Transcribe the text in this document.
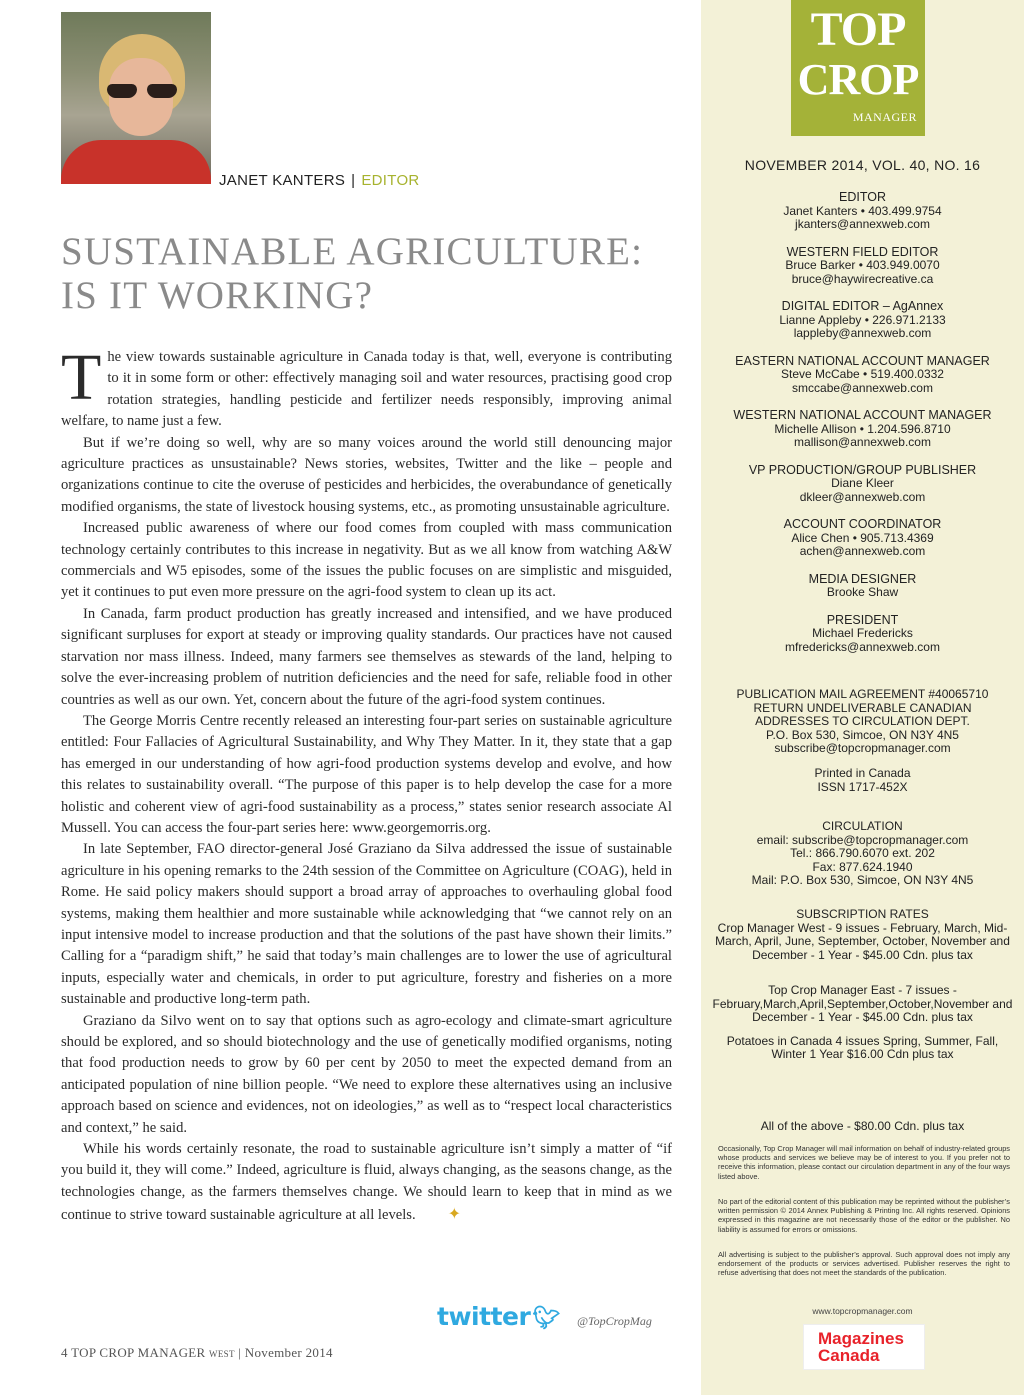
JANET KANTERS | EDITOR
SUSTAINABLE AGRICULTURE:
IS IT WORKING?

The view towards sustainable agriculture in Canada today is that, well, everyone is contributing to it in some form or other: effectively managing soil and water resources, practising good crop rotation strategies, handling pesticide and fertilizer needs responsibly, improving animal welfare, to name just a few.

But if we’re doing so well, why are so many voices around the world still denouncing major agriculture practices as unsustainable? News stories, websites, Twitter and the like – people and organizations continue to cite the overuse of pesticides and herbicides, the overabundance of genetically modified organisms, the state of livestock housing systems, etc., as promoting unsustainable agriculture.

Increased public awareness of where our food comes from coupled with mass communication technology certainly contributes to this increase in negativity. But as we all know from watching A&W commercials and W5 episodes, some of the issues the public focuses on are simplistic and misguided, yet it continues to put even more pressure on the agri-food system to clean up its act.

In Canada, farm product production has greatly increased and intensified, and we have produced significant surpluses for export at steady or improving quality standards. Our practices have not caused starvation nor mass illness. Indeed, many farmers see themselves as stewards of the land, helping to solve the ever-increasing problem of nutrition deficiencies and the need for safe, reliable food in other countries as well as our own. Yet, concern about the future of the agri-food system continues.

The George Morris Centre recently released an interesting four-part series on sustainable agriculture entitled: Four Fallacies of Agricultural Sustainability, and Why They Matter. In it, they state that a gap has emerged in our understanding of how agri-food production systems develop and evolve, and how this relates to sustainability overall. “The purpose of this paper is to help develop the case for a more holistic and coherent view of agri-food sustainability as a process,” states senior research associate Al Mussell. You can access the four-part series here: www.georgemorris.org.

In late September, FAO director-general José Graziano da Silva addressed the issue of sustainable agriculture in his opening remarks to the 24th session of the Committee on Agriculture (COAG), held in Rome. He said policy makers should support a broad array of approaches to overhauling global food systems, making them healthier and more sustainable while acknowledging that “we cannot rely on an input intensive model to increase production and that the solutions of the past have shown their limits.” Calling for a “paradigm shift,” he said that today’s main challenges are to lower the use of agricultural inputs, especially water and chemicals, in order to put agriculture, forestry and fisheries on a more sustainable and productive long-term path.

Graziano da Silvo went on to say that options such as agro-ecology and climate-smart agriculture should be explored, and so should biotechnology and the use of genetically modified organisms, noting that food production needs to grow by 60 per cent by 2050 to meet the expected demand from an anticipated population of nine billion people. “We need to explore these alternatives using an inclusive approach based on science and evidences, not on ideologies,” as well as to “respect local characteristics and context,” he said.

While his words certainly resonate, the road to sustainable agriculture isn’t simply a matter of “if you build it, they will come.” Indeed, agriculture is fluid, always changing, as the seasons change, as the technologies change, as the farmers themselves change. We should learn to keep that in mind as we continue to strive toward sustainable agriculture at all levels. ✦

twitter🐦︎ @TopCropMag
4 TOP CROP MANAGER WEST | November 2014
TOP
CROP
MANAGER
NOVEMBER 2014, VOL. 40, NO. 16
EDITOR
Janet Kanters • 403.499.9754
jkanters@annexweb.com
WESTERN FIELD EDITOR
Bruce Barker • 403.949.0070
bruce@haywirecreative.ca
DIGITAL EDITOR – AgAnnex
Lianne Appleby • 226.971.2133
lappleby@annexweb.com
EASTERN NATIONAL ACCOUNT MANAGER
Steve McCabe • 519.400.0332
smccabe@annexweb.com
WESTERN NATIONAL ACCOUNT MANAGER
Michelle Allison • 1.204.596.8710
mallison@annexweb.com
VP PRODUCTION/GROUP PUBLISHER
Diane Kleer
dkleer@annexweb.com
ACCOUNT COORDINATOR
Alice Chen • 905.713.4369
achen@annexweb.com
MEDIA DESIGNER
Brooke Shaw
PRESIDENT
Michael Fredericks
mfredericks@annexweb.com
PUBLICATION MAIL AGREEMENT #40065710
RETURN UNDELIVERABLE CANADIAN
ADDRESSES TO CIRCULATION DEPT.
P.O. Box 530, Simcoe, ON N3Y 4N5
subscribe@topcropmanager.com
Printed in Canada
ISSN 1717-452X
CIRCULATION
email: subscribe@topcropmanager.com
Tel.: 866.790.6070 ext. 202
Fax: 877.624.1940
Mail: P.O. Box 530, Simcoe, ON N3Y 4N5
SUBSCRIPTION RATES
Crop Manager West - 9 issues - February, March, Mid-March, April, June, September, October, November and December - 1 Year - $45.00 Cdn. plus tax
Top Crop Manager East - 7 issues - February,March,April,September,October,November and December - 1 Year - $45.00 Cdn. plus tax
Potatoes in Canada 4 issues Spring, Summer, Fall, Winter 1 Year $16.00 Cdn plus tax
All of the above - $80.00 Cdn. plus tax
Occasionally, Top Crop Manager will mail information on behalf of industry-related groups whose products and services we believe may be of interest to you. If you prefer not to receive this information, please contact our circulation department in any of the four ways listed above.
No part of the editorial content of this publication may be reprinted without the publisher’s written permission © 2014 Annex Publishing & Printing Inc. All rights reserved. Opinions expressed in this magazine are not necessarily those of the editor or the publisher. No liability is assumed for errors or omissions.
All advertising is subject to the publisher’s approval. Such approval does not imply any endorsement of the products or services advertised. Publisher reserves the right to refuse advertising that does not meet the standards of the publication.
www.topcropmanager.com
Magazines
Canada
